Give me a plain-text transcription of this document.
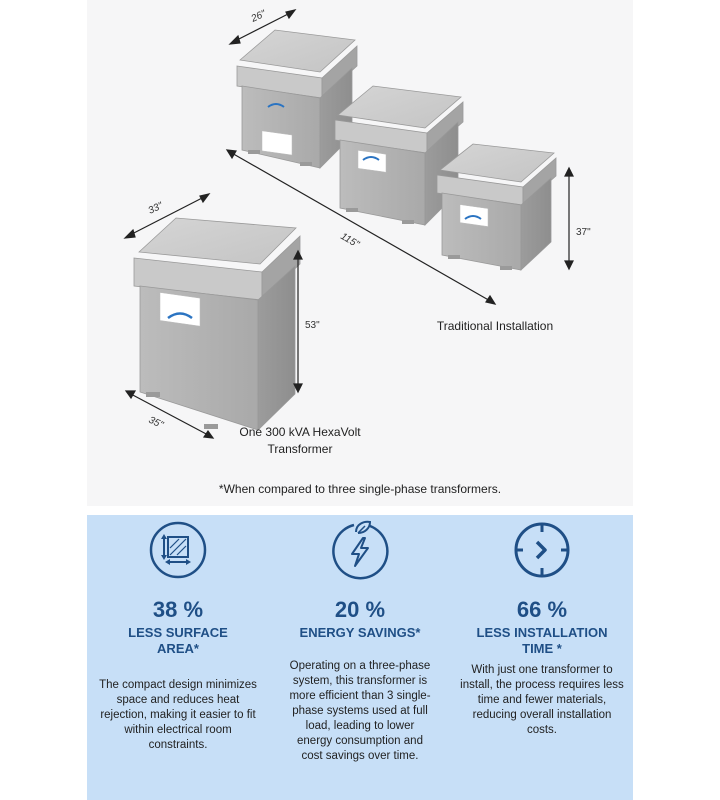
26"
115"	37"
33"
53"
35"
Traditional Installation
One 300 kVA HexaVolt
Transformer
*When compared to three single-phase transformers.
38 %
LESS SURFACE
AREA*
The compact design minimizes space and reduces heat rejection, making it easier to fit within electrical room constraints.
20 %
ENERGY SAVINGS*
Operating on a three-phase system, this transformer is more efficient than 3 single-phase systems used at full load, leading to lower energy consumption and cost savings over time.
66 %
LESS INSTALLATION
TIME *
With just one transformer to install, the process requires less time and fewer materials, reducing overall installation costs.
